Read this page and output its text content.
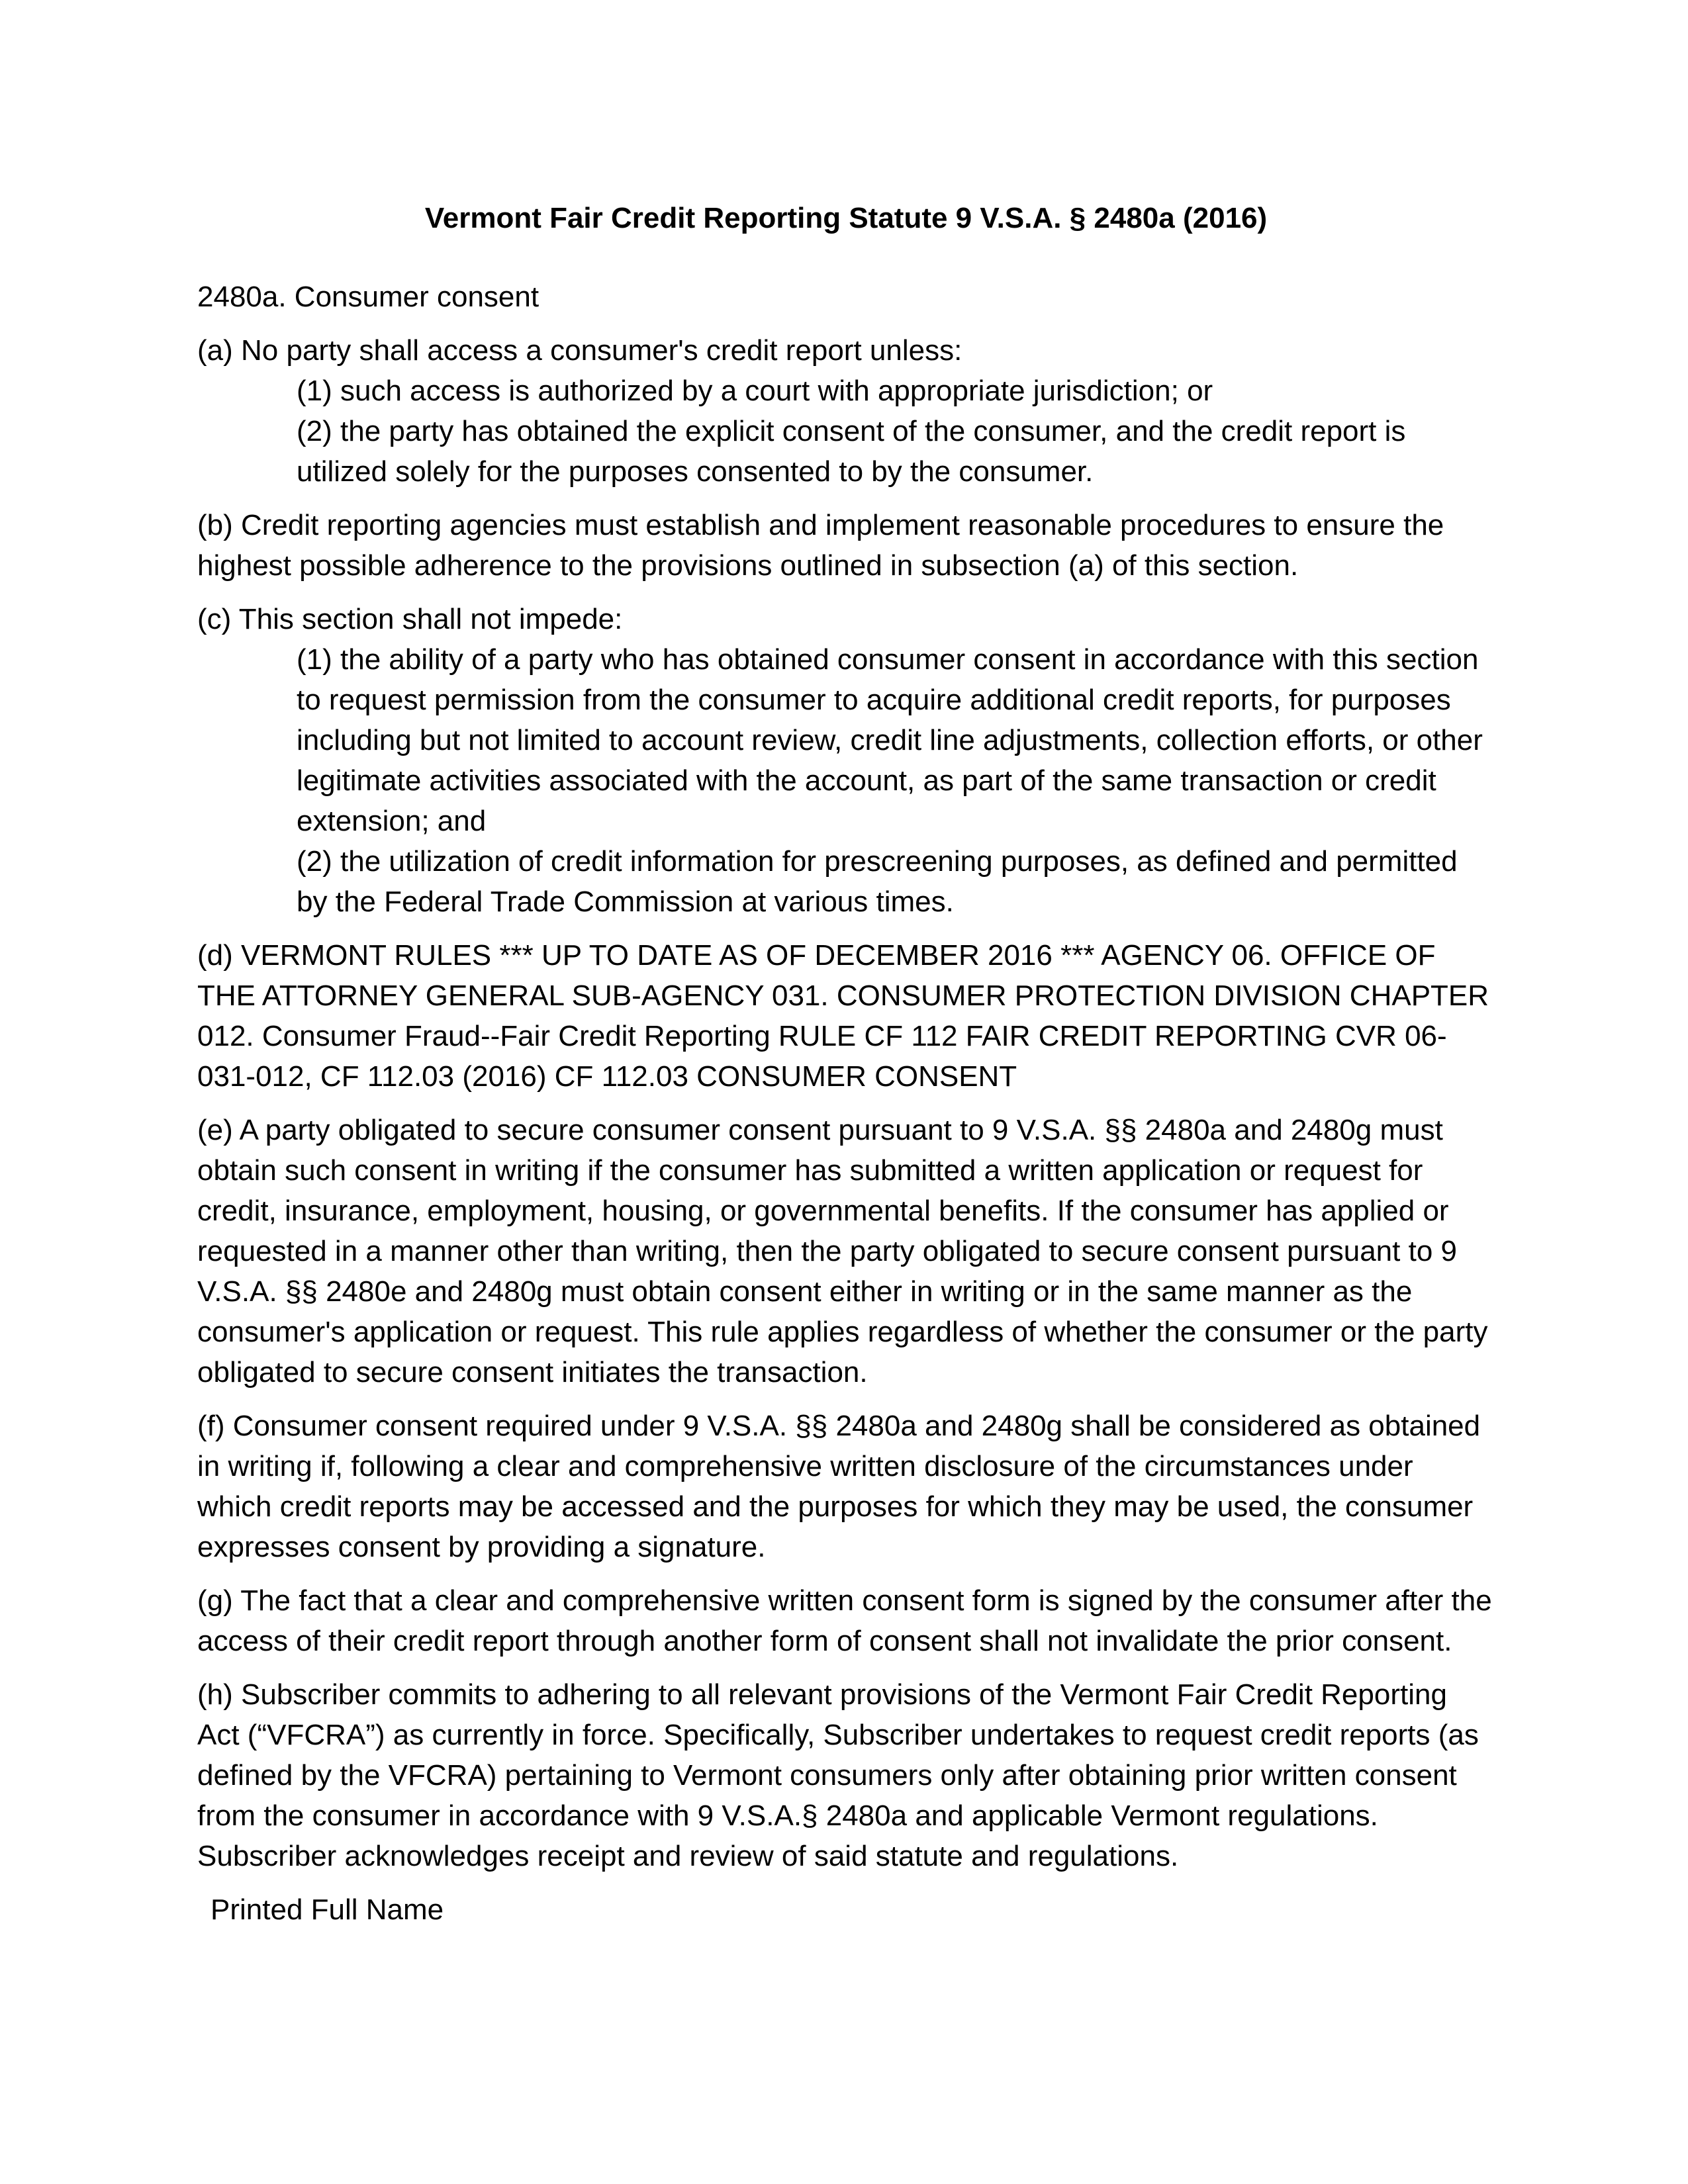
Vermont Fair Credit Reporting Statute 9 V.S.A. § 2480a (2016)

2480a. Consumer consent

(a) No party shall access a consumer's credit report unless:

(1) such access is authorized by a court with appropriate jurisdiction; or

(2) the party has obtained the explicit consent of the consumer, and the credit report is utilized solely for the purposes consented to by the consumer.

(b) Credit reporting agencies must establish and implement reasonable procedures to ensure the highest possible adherence to the provisions outlined in subsection (a) of this section.

(c) This section shall not impede:

(1) the ability of a party who has obtained consumer consent in accordance with this section to request permission from the consumer to acquire additional credit reports, for purposes including but not limited to account review, credit line adjustments, collection efforts, or other legitimate activities associated with the account, as part of the same transaction or credit extension; and

(2) the utilization of credit information for prescreening purposes, as defined and permitted by the Federal Trade Commission at various times.

(d) VERMONT RULES *** UP TO DATE AS OF DECEMBER 2016 *** AGENCY 06. OFFICE OF THE ATTORNEY GENERAL SUB-AGENCY 031. CONSUMER PROTECTION DIVISION CHAPTER 012. Consumer Fraud--Fair Credit Reporting RULE CF 112 FAIR CREDIT REPORTING CVR 06-031-012, CF 112.03 (2016) CF 112.03 CONSUMER CONSENT

(e) A party obligated to secure consumer consent pursuant to 9 V.S.A. §§ 2480a and 2480g must obtain such consent in writing if the consumer has submitted a written application or request for credit, insurance, employment, housing, or governmental benefits. If the consumer has applied or requested in a manner other than writing, then the party obligated to secure consent pursuant to 9 V.S.A. §§ 2480e and 2480g must obtain consent either in writing or in the same manner as the consumer's application or request. This rule applies regardless of whether the consumer or the party obligated to secure consent initiates the transaction.

(f) Consumer consent required under 9 V.S.A. §§ 2480a and 2480g shall be considered as obtained in writing if, following a clear and comprehensive written disclosure of the circumstances under which credit reports may be accessed and the purposes for which they may be used, the consumer expresses consent by providing a signature.

(g) The fact that a clear and comprehensive written consent form is signed by the consumer after the access of their credit report through another form of consent shall not invalidate the prior consent.

(h) Subscriber commits to adhering to all relevant provisions of the Vermont Fair Credit Reporting Act (“VFCRA”) as currently in force. Specifically, Subscriber undertakes to request credit reports (as defined by the VFCRA) pertaining to Vermont consumers only after obtaining prior written consent from the consumer in accordance with 9 V.S.A.§ 2480a and applicable Vermont regulations. Subscriber acknowledges receipt and review of said statute and regulations.

Printed Full Name
